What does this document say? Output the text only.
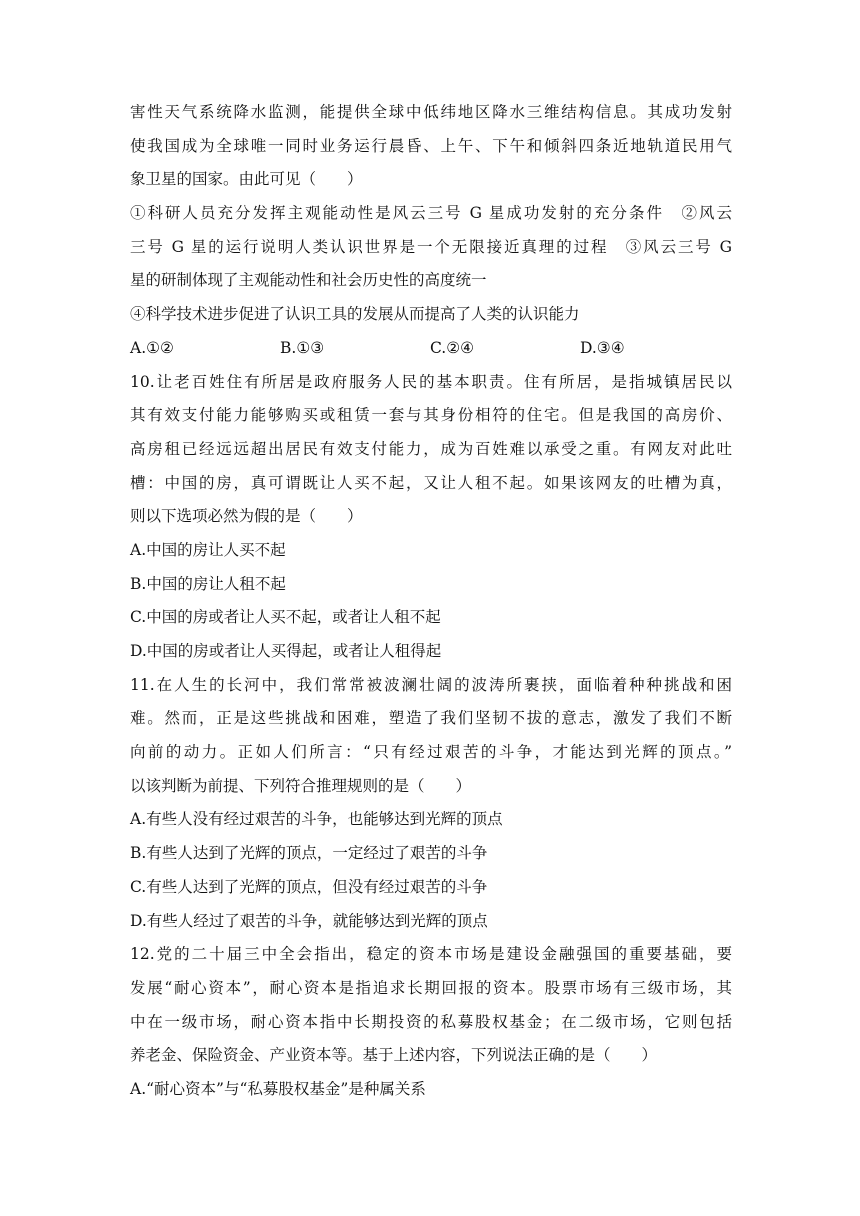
害性天气系统降水监测，能提供全球中低纬地区降水三维结构信息。其成功发射
使我国成为全球唯一同时业务运行晨昏、上午、下午和倾斜四条近地轨道民用气
象卫星的国家。由此可见（　　）
①科研人员充分发挥主观能动性是风云三号 G 星成功发射的充分条件　②风云
三号 G 星的运行说明人类认识世界是一个无限接近真理的过程　③风云三号 G
星的研制体现了主观能动性和社会历史性的高度统一
④科学技术进步促进了认识工具的发展从而提高了人类的认识能力
A.①②	B.①③	C.②④	D.③④
10.让老百姓住有所居是政府服务人民的基本职责。住有所居，是指城镇居民以
其有效支付能力能够购买或租赁一套与其身份相符的住宅。但是我国的高房价、
高房租已经远远超出居民有效支付能力，成为百姓难以承受之重。有网友对此吐
槽：中国的房，真可谓既让人买不起，又让人租不起。如果该网友的吐槽为真，
则以下选项必然为假的是（　　）
A.中国的房让人买不起
B.中国的房让人租不起
C.中国的房或者让人买不起，或者让人租不起
D.中国的房或者让人买得起，或者让人租得起
11.在人生的长河中，我们常常被波澜壮阔的波涛所裹挟，面临着种种挑战和困
难。然而，正是这些挑战和困难，塑造了我们坚韧不拔的意志，激发了我们不断
向前的动力。正如人们所言：“只有经过艰苦的斗争，才能达到光辉的顶点。”
以该判断为前提、下列符合推理规则的是（　　）
A.有些人没有经过艰苦的斗争，也能够达到光辉的顶点
B.有些人达到了光辉的顶点，一定经过了艰苦的斗争
C.有些人达到了光辉的顶点，但没有经过艰苦的斗争
D.有些人经过了艰苦的斗争，就能够达到光辉的顶点
12.党的二十届三中全会指出，稳定的资本市场是建设金融强国的重要基础，要
发展“耐心资本”，耐心资本是指追求长期回报的资本。股票市场有三级市场，其
中在一级市场，耐心资本指中长期投资的私募股权基金；在二级市场，它则包括
养老金、保险资金、产业资本等。基于上述内容，下列说法正确的是（　　）
A.“耐心资本”与“私募股权基金”是种属关系
